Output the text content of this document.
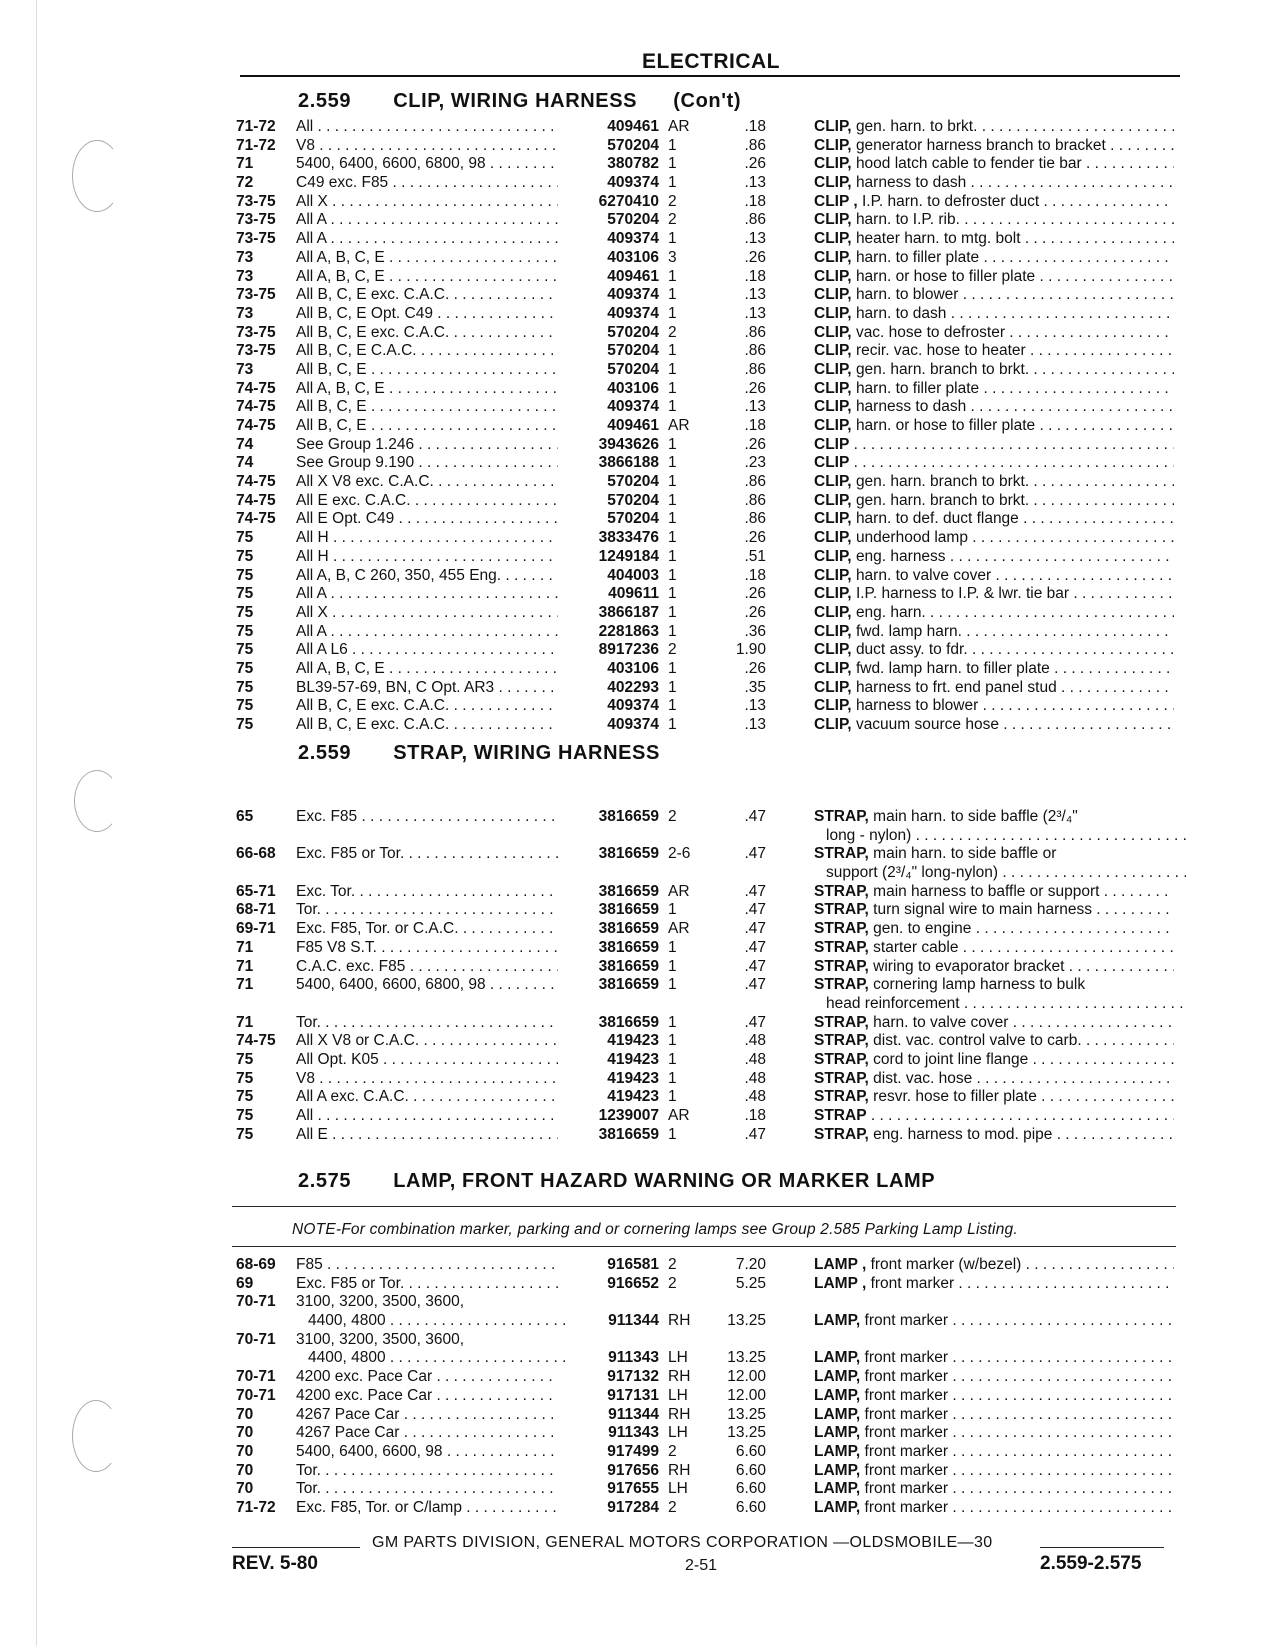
ELECTRICAL
2.559 CLIP, WIRING HARNESS (Con't)
71-72 All . . .	409461 AR	.18	CLIP, gen. harn. to brkt. . . .
71-72 V8 . . .	570204 1	.86	CLIP, generator harness branch to bracket . . .
71	5400, 6400, 6600, 6800, 98 . . .	380782 1	.26	CLIP, hood latch cable to fender tie bar . . .
72	C49 exc. F85 . . .	409374 1	.13	CLIP, harness to dash . . .
73-75 All X . . .	6270410 2	.18	CLIP , I.P. harn. to defroster duct . . .
73-75 All A . . .	570204 2	.86	CLIP, harn. to I.P. rib. . . .
73-75 All A . . .	409374 1	.13	CLIP, heater harn. to mtg. bolt . . .
73	All A, B, C, E . . .	403106 3	.26	CLIP, harn. to filler plate . . .
73	All A, B, C, E . . .	409461 1	.18	CLIP, harn. or hose to filler plate . . .
73-75 All B, C, E exc. C.A.C. . . .	409374 1	.13	CLIP, harn. to blower . . .
73	All B, C, E Opt. C49 . . .	409374 1	.13	CLIP, harn. to dash . . .
73-75 All B, C, E exc. C.A.C. . . .	570204 2	.86	CLIP, vac. hose to defroster . . .
73-75 All B, C, E C.A.C. . . .	570204 1	.86	CLIP, recir. vac. hose to heater . . .
73	All B, C, E . . .	570204 1	.86	CLIP, gen. harn. branch to brkt. . . .
74-75 All A, B, C, E . . .	403106 1	.26	CLIP, harn. to filler plate . . .
74-75 All B, C, E . . .	409374 1	.13	CLIP, harness to dash . . .
74-75 All B, C, E . . .	409461 AR	.18	CLIP, harn. or hose to filler plate . . .
74	See Group 1.246 . . .	3943626 1	.26	CLIP . . .
74	See Group 9.190 . . .	3866188 1	.23	CLIP . . .
74-75 All X V8 exc. C.A.C. . . .	570204 1	.86	CLIP, gen. harn. branch to brkt. . . .
74-75 All E exc. C.A.C. . . .	570204 1	.86	CLIP, gen. harn. branch to brkt. . . .
74-75 All E Opt. C49 . . .	570204 1	.86	CLIP, harn. to def. duct flange . . .
75	All H . . .	3833476 1	.26	CLIP, underhood lamp . . .
75	All H . . .	1249184 1	.51	CLIP, eng. harness . . .
75	All A, B, C 260, 350, 455 Eng. . . .	404003 1	.18	CLIP, harn. to valve cover . . .
75	All A . . .	409611 1	.26	CLIP, I.P. harness to I.P. & lwr. tie bar . . .
75	All X . . .	3866187 1	.26	CLIP, eng. harn. . . .
75	All A . . .	2281863 1	.36	CLIP, fwd. lamp harn. . . .
75	All A L6 . . .	8917236 2	1.90	CLIP, duct assy. to fdr. . . .
75	All A, B, C, E . . .	403106 1	.26	CLIP, fwd. lamp harn. to filler plate . . .
75	BL39-57-69, BN, C Opt. AR3 . . .	402293 1	.35	CLIP, harness to frt. end panel stud . . .
75	All B, C, E exc. C.A.C. . . .	409374 1	.13	CLIP, harness to blower . . .
75	All B, C, E exc. C.A.C. . . .	409374 1	.13	CLIP, vacuum source hose . . .
2.559 STRAP, WIRING HARNESS
65	Exc. F85 . . .	3816659 2	.47	STRAP, main harn. to side baffle (2³/₄"
long - nylon) . . .
66-68 Exc. F85 or Tor. . . .	3816659 2-6	.47	STRAP, main harn. to side baffle or
support (2³/₄" long-nylon) . . .
65-71 Exc. Tor. . . .	3816659 AR	.47	STRAP, main harness to baffle or support . . .
68-71 Tor. . . .	3816659 1	.47	STRAP, turn signal wire to main harness . . .
69-71 Exc. F85, Tor. or C.A.C. . . .	3816659 AR	.47	STRAP, gen. to engine . . .
71	F85 V8 S.T. . . .	3816659 1	.47	STRAP, starter cable . . .
71	C.A.C. exc. F85 . . .	3816659 1	.47	STRAP, wiring to evaporator bracket . . .
71	5400, 6400, 6600, 6800, 98 . . .	3816659 1	.47	STRAP, cornering lamp harness to bulk
head reinforcement . . .
71	Tor. . . .	3816659 1	.47	STRAP, harn. to valve cover . . .
74-75 All X V8 or C.A.C. . . .	419423 1	.48	STRAP, dist. vac. control valve to carb. . . .
75	All Opt. K05 . . .	419423 1	.48	STRAP, cord to joint line flange . . .
75	V8 . . .	419423 1	.48	STRAP, dist. vac. hose . . .
75	All A exc. C.A.C. . . .	419423 1	.48	STRAP, resvr. hose to filler plate . . .
75	All . . .	1239007 AR	.18	STRAP . . .
75	All E . . .	3816659 1	.47	STRAP, eng. harness to mod. pipe . . .
2.575 LAMP, FRONT HAZARD WARNING OR MARKER LAMP
NOTE-For combination marker, parking and or cornering lamps see Group 2.585 Parking Lamp Listing.
68-69 F85 . . .	916581 2	7.20	LAMP , front marker (w/bezel) . . .
69	Exc. F85 or Tor. . . .	916652 2	5.25	LAMP , front marker . . .
70-71 3100, 3200, 3500, 3600,
4400, 4800 . . .	911344 RH	13.25	LAMP, front marker . . .
70-71 3100, 3200, 3500, 3600,
4400, 4800 . . .	911343 LH	13.25	LAMP, front marker . . .
70-71 4200 exc. Pace Car . . .	917132 RH	12.00	LAMP, front marker . . .
70-71 4200 exc. Pace Car . . .	917131 LH	12.00	LAMP, front marker . . .
70	4267 Pace Car . . .	911344 RH	13.25	LAMP, front marker . . .
70	4267 Pace Car . . .	911343 LH	13.25	LAMP, front marker . . .
70	5400, 6400, 6600, 98 . . .	917499 2	6.60	LAMP, front marker . . .
70	Tor. . . .	917656 RH	6.60	LAMP, front marker . . .
70	Tor. . . .	917655 LH	6.60	LAMP, front marker . . .
71-72 Exc. F85, Tor. or C/lamp . . .	917284 2	6.60	LAMP, front marker . . .
GM PARTS DIVISION, GENERAL MOTORS CORPORATION —OLDSMOBILE—30
REV. 5-80	2-51	2.559-2.575
